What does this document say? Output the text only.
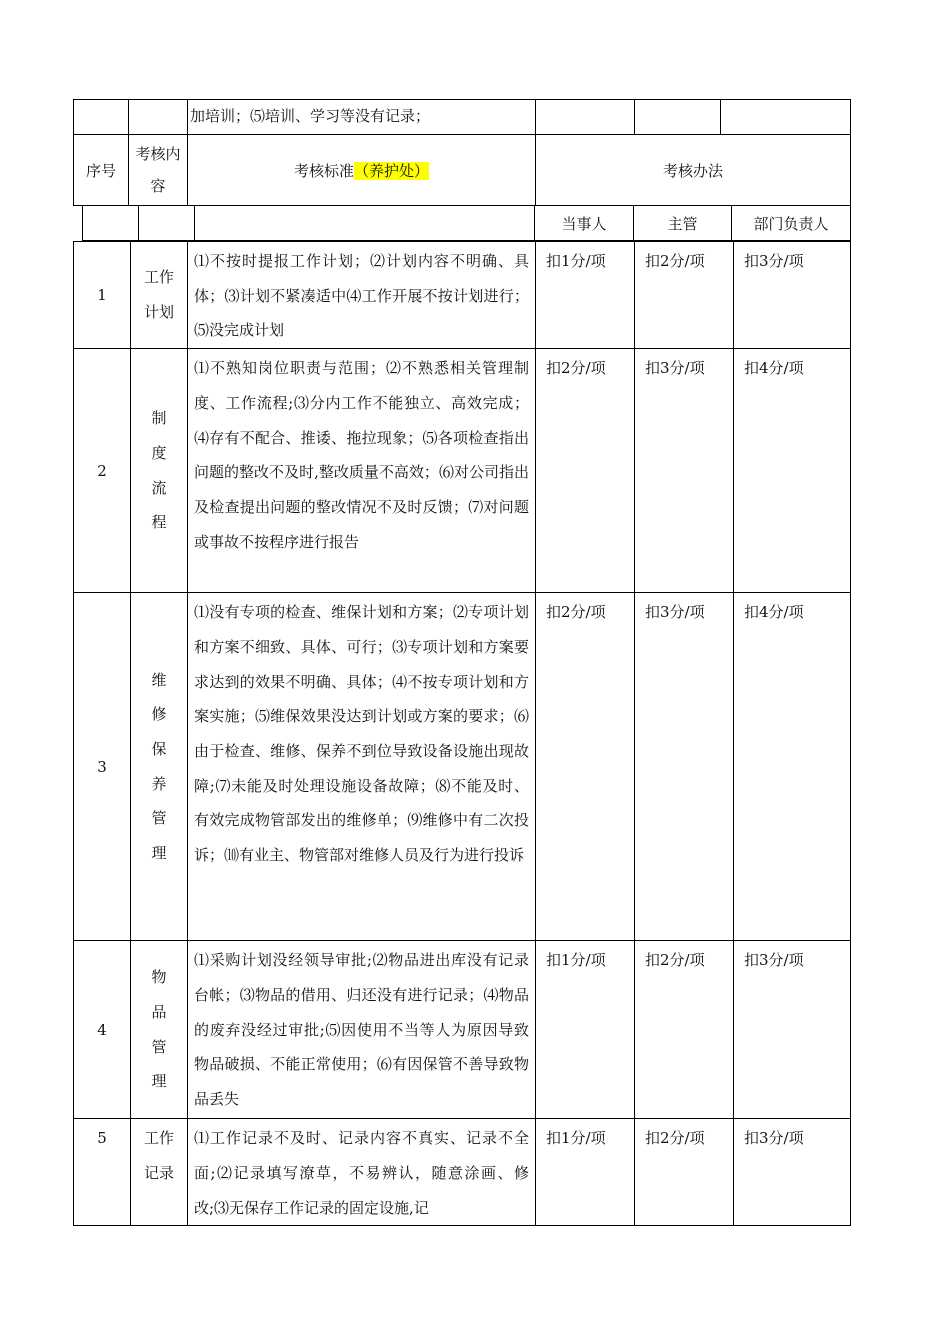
		加培训；⑸培训、学习等没有记录；			
序号	考核内容	考核标准（养护处）	考核办法
			当事人	主管	部门负责人
1	工作计划	⑴不按时提报工作计划；⑵计划内容不明确、具体；⑶计划不紧凑适中⑷工作开展不按计划进行；⑸没完成计划	扣1分/项	扣2分/项	扣3分/项
2	制度流程	⑴不熟知岗位职责与范围；⑵不熟悉相关管理制度、工作流程;⑶分内工作不能独立、高效完成；⑷存有不配合、推诿、拖拉现象；⑸各项检查指出问题的整改不及时,整改质量不高效；⑹对公司指出及检查提出问题的整改情况不及时反馈；⑺对问题或事故不按程序进行报告	扣2分/项	扣3分/项	扣4分/项
3	维修保养管理	⑴没有专项的检查、维保计划和方案；⑵专项计划和方案不细致、具体、可行；⑶专项计划和方案要求达到的效果不明确、具体；⑷不按专项计划和方案实施；⑸维保效果没达到计划或方案的要求；⑹由于检查、维修、保养不到位导致设备设施出现故障;⑺未能及时处理设施设备故障；⑻不能及时、有效完成物管部发出的维修单；⑼维修中有二次投诉；⑽有业主、物管部对维修人员及行为进行投诉	扣2分/项	扣3分/项	扣4分/项
4	物品管理	⑴采购计划没经领导审批;⑵物品进出库没有记录台帐；⑶物品的借用、归还没有进行记录；⑷物品的废弃没经过审批;⑸因使用不当等人为原因导致物品破损、不能正常使用；⑹有因保管不善导致物品丢失	扣1分/项	扣2分/项	扣3分/项
5	工作记录	⑴工作记录不及时、记录内容不真实、记录不全面;⑵记录填写潦草，不易辨认，随意涂画、修改;⑶无保存工作记录的固定设施,记	扣1分/项	扣2分/项	扣3分/项
